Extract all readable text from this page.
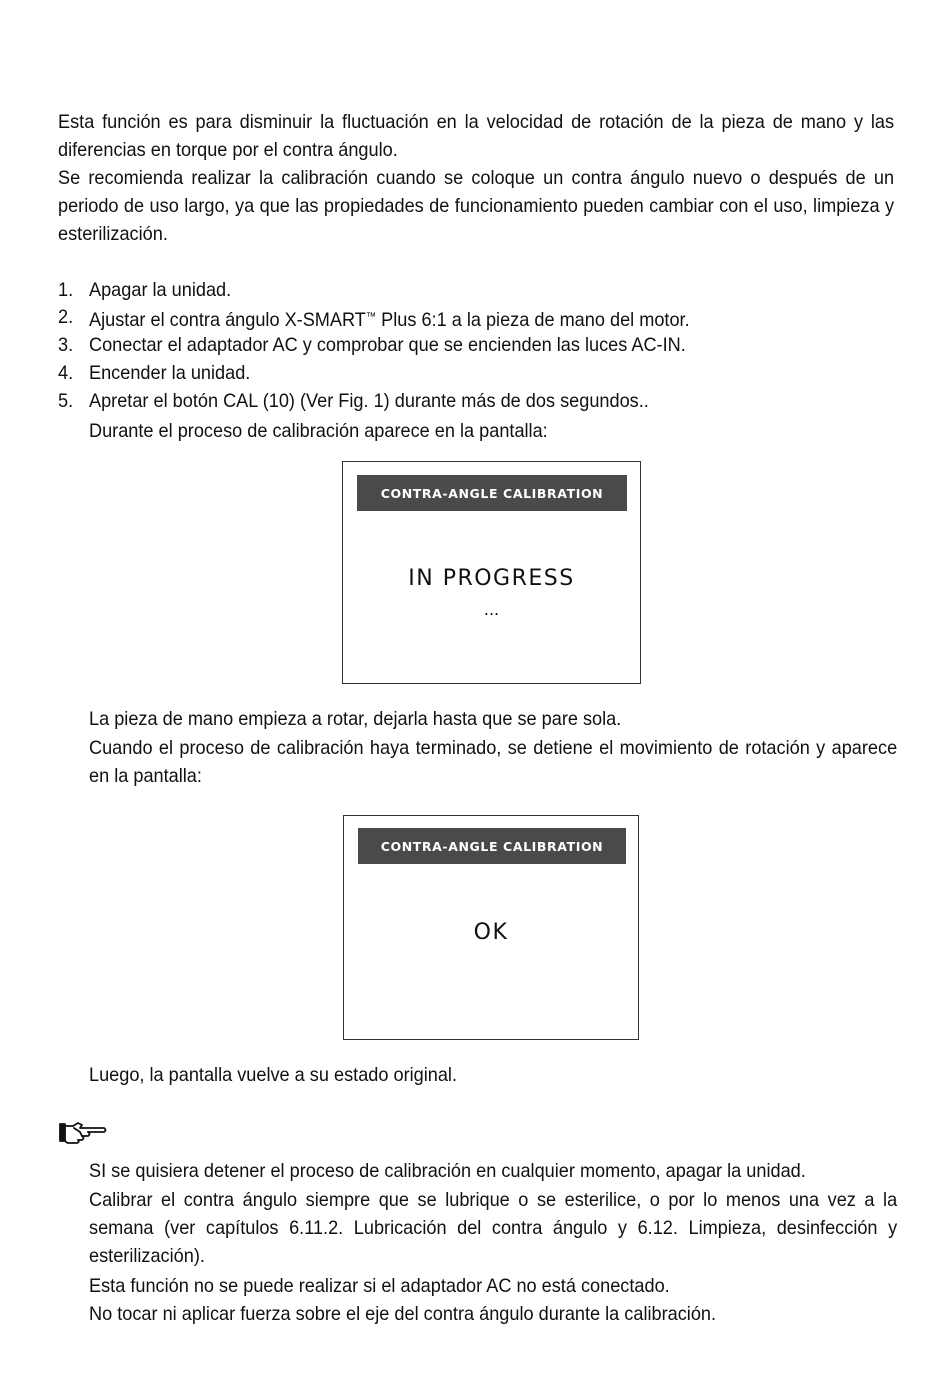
Esta función es para disminuir la fluctuación en la velocidad de rotación de la pieza de mano y las diferencias en torque por el contra ángulo.

Se recomienda realizar la calibración cuando se coloque un contra ángulo nuevo o después de un periodo de uso largo, ya que las propiedades de funcionamiento pueden cambiar con el uso, limpieza y esterilización.

1. Apagar la unidad.
2. Ajustar el contra ángulo X-SMART™ Plus 6:1 a la pieza de mano del motor.
3. Conectar el adaptador AC y comprobar que se encienden las luces AC-IN.
4. Encender la unidad.
5. Apretar el botón CAL (10) (Ver Fig. 1) durante más de dos segundos..
Durante el proceso de calibración aparece en la pantalla:
CONTRA-ANGLE CALIBRATION
IN PROGRESS
...
La pieza de mano empieza a rotar, dejarla hasta que se pare sola.

Cuando el proceso de calibración haya terminado, se detiene el movimiento de rotación y aparece en la pantalla:

CONTRA-ANGLE CALIBRATION
OK
Luego, la pantalla vuelve a su estado original.
SI se quisiera detener el proceso de calibración en cualquier momento, apagar la unidad.

Calibrar el contra ángulo siempre que se lubrique o se esterilice, o por lo menos una vez a la semana (ver capítulos 6.11.2. Lubricación del contra ángulo y 6.12. Limpieza, desinfección y esterilización).

Esta función no se puede realizar si el adaptador AC no está conectado.
No tocar ni aplicar fuerza sobre el eje del contra ángulo durante la calibración.
